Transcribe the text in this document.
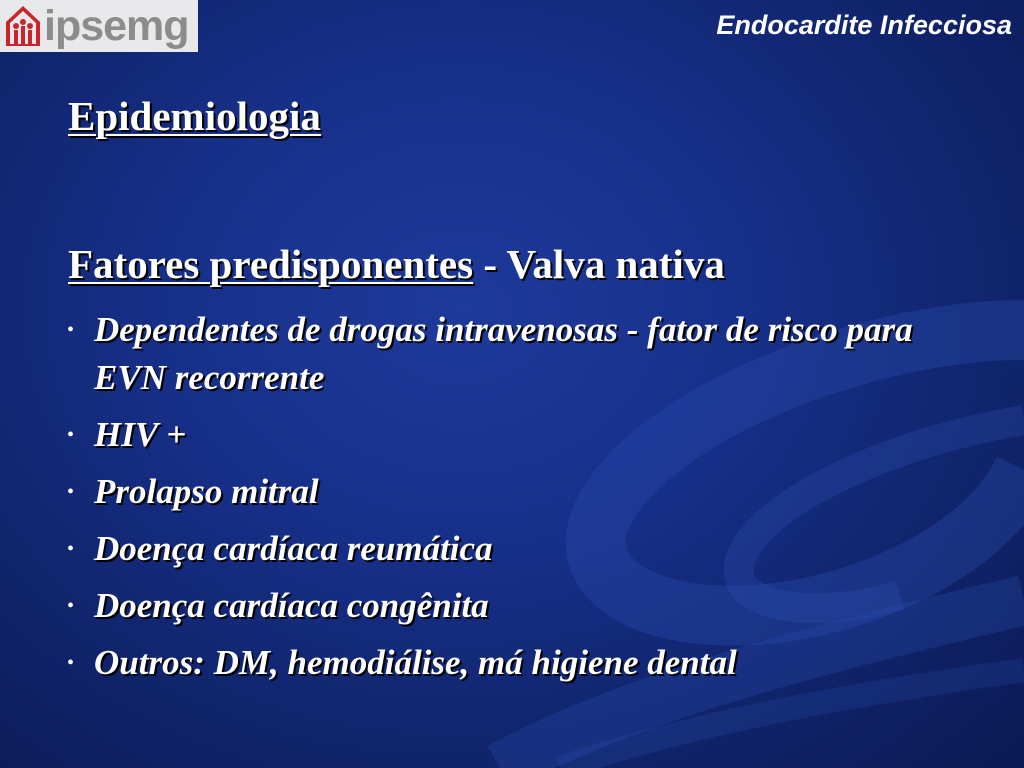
ipsemg	Endocardite Infecciosa
Epidemiologia
Fatores predisponentes - Valva nativa
• Dependentes de drogas intravenosas - fator de risco para EVN recorrente
• HIV +
• Prolapso mitral
• Doença cardíaca reumática
• Doença cardíaca congênita
• Outros: DM, hemodiálise, má higiene dental
